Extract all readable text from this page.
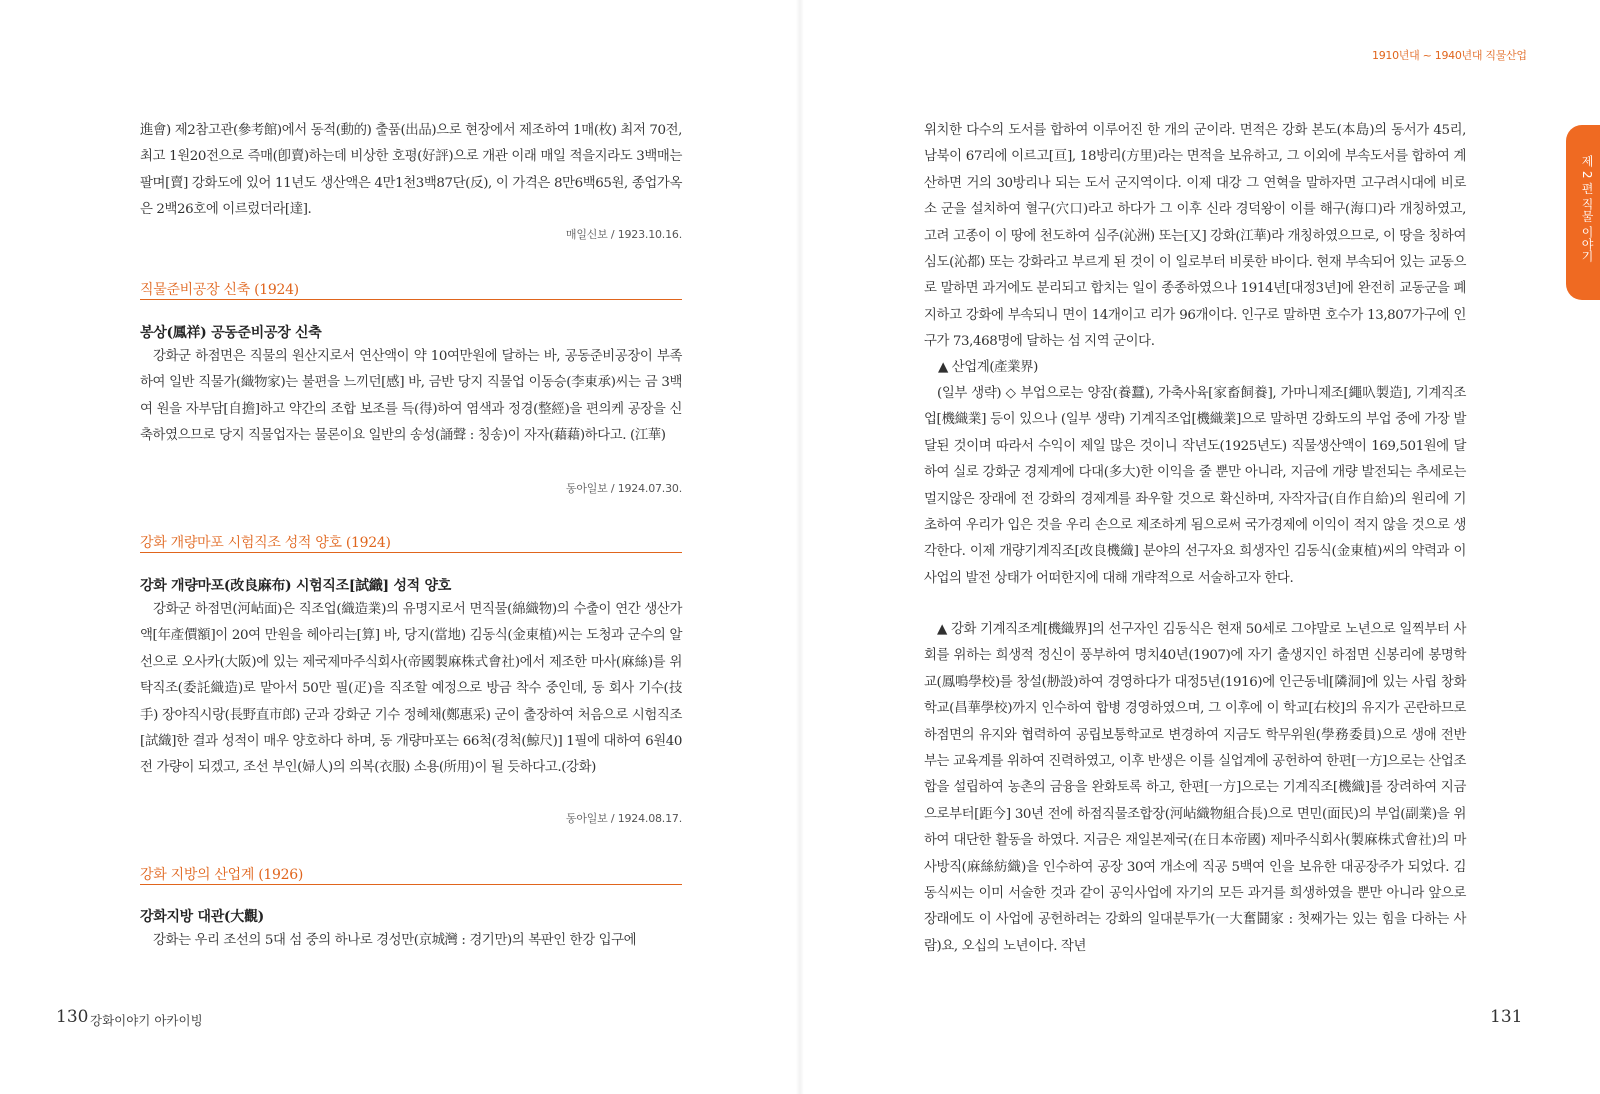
進會) 제2참고관(參考館)에서 동적(動的) 출품(出品)으로 현장에서 제조하여 1매(枚) 최저 70전, 최고 1원20전으로 즉매(卽賣)하는데 비상한 호평(好評)으로 개관 이래 매일 적을지라도 3백매는 팔며[賣] 강화도에 있어 11년도 생산액은 4만1천3백87단(反), 이 가격은 8만6백65원, 종업가옥은 2백26호에 이르렀더라[達].

매일신보 / 1923.10.16.
직물준비공장 신축 (1924)
봉상(鳳祥) 공동준비공장 신축

강화군 하점면은 직물의 원산지로서 연산액이 약 10여만원에 달하는 바, 공동준비공장이 부족하여 일반 직물가(織物家)는 불편을 느끼던[感] 바, 금반 당지 직물업 이동승(李東承)씨는 금 3백여 원을 자부담[自擔]하고 약간의 조합 보조를 득(得)하여 염색과 정경(整經)을 편의케 공장을 신축하였으므로 당지 직물업자는 물론이요 일반의 송성(誦聲 : 칭송)이 자자(藉藉)하다고. (江華)

동아일보 / 1924.07.30.
강화 개량마포 시험직조 성적 양호 (1924)
강화 개량마포(改良麻布) 시험직조[試織] 성적 양호

강화군 하점면(河岾面)은 직조업(織造業)의 유명지로서 면직물(綿織物)의 수출이 연간 생산가액[年產價額]이 20여 만원을 헤아리는[算] 바, 당지(當地) 김동식(金東植)씨는 도청과 군수의 알선으로 오사카(大阪)에 있는 제국제마주식회사(帝國製麻株式會社)에서 제조한 마사(麻絲)를 위탁직조(委託織造)로 맡아서 50만 필(疋)을 직조할 예정으로 방금 착수 중인데, 동 회사 기수(技手) 장야직시랑(長野直市郎) 군과 강화군 기수 정혜채(鄭惠采) 군이 출장하여 처음으로 시험직조[試織]한 결과 성적이 매우 양호하다 하며, 동 개량마포는 66척(경척(鯨尺)] 1필에 대하여 6원40전 가량이 되겠고, 조선 부인(婦人)의 의복(衣服) 소용(所用)이 될 듯하다고.(강화)

동아일보 / 1924.08.17.
강화 지방의 산업계 (1926)
강화지방 대관(大觀)

강화는 우리 조선의 5대 섬 중의 하나로 경성만(京城灣 : 경기만)의 복판인 한강 입구에

130 강화이야기 아카이빙
1910년대 ~ 1940년대 직물산업
제 2 편 직물 이야기

위치한 다수의 도서를 합하여 이루어진 한 개의 군이라. 면적은 강화 본도(本島)의 동서가 45리, 남북이 67리에 이르고[亘], 18방리(方里)라는 면적을 보유하고, 그 이외에 부속도서를 합하여 계산하면 거의 30방리나 되는 도서 군지역이다. 이제 대강 그 연혁을 말하자면 고구려시대에 비로소 군을 설치하여 혈구(穴口)라고 하다가 그 이후 신라 경덕왕이 이를 해구(海口)라 개칭하였고, 고려 고종이 이 땅에 천도하여 심주(沁洲) 또는[又] 강화(江華)라 개칭하였으므로, 이 땅을 칭하여 심도(沁都) 또는 강화라고 부르게 된 것이 이 일로부터 비롯한 바이다. 현재 부속되어 있는 교동으로 말하면 과거에도 분리되고 합치는 일이 종종하였으나 1914년[대정3년]에 완전히 교동군을 폐지하고 강화에 부속되니 면이 14개이고 리가 96개이다. 인구로 말하면 호수가 13,807가구에 인구가 73,468명에 달하는 섬 지역 군이다.

▲ 산업계(產業界)

(일부 생략) ◇ 부업으로는 양잠(養蠶), 가축사육[家畜飼養], 가마니제조[繩叺製造], 기계직조업[機織業] 등이 있으나 (일부 생략) 기계직조업[機織業]으로 말하면 강화도의 부업 중에 가장 발달된 것이며 따라서 수익이 제일 많은 것이니 작년도(1925년도) 직물생산액이 169,501원에 달하여 실로 강화군 경제계에 다대(多大)한 이익을 줄 뿐만 아니라, 지금에 개량 발전되는 추세로는 멀지않은 장래에 전 강화의 경제계를 좌우할 것으로 확신하며, 자작자급(自作自給)의 원리에 기초하여 우리가 입은 것을 우리 손으로 제조하게 됨으로써 국가경제에 이익이 적지 않을 것으로 생각한다. 이제 개량기계직조[改良機織] 분야의 선구자요 희생자인 김동식(金東植)씨의 약력과 이 사업의 발전 상태가 어떠한지에 대해 개략적으로 서술하고자 한다.

▲ 강화 기계직조계[機織界]의 선구자인 김동식은 현재 50세로 그야말로 노년으로 일찍부터 사회를 위하는 희생적 정신이 풍부하여 명치40년(1907)에 자기 출생지인 하점면 신봉리에 봉명학교(鳳鳴學校)를 창설(刱設)하여 경영하다가 대정5년(1916)에 인근동네[隣洞]에 있는 사립 창화학교(昌華學校)까지 인수하여 합병 경영하였으며, 그 이후에 이 학교[右校]의 유지가 곤란하므로 하점면의 유지와 협력하여 공립보통학교로 변경하여 지금도 학무위원(學務委員)으로 생애 전반부는 교육계를 위하여 진력하였고, 이후 반생은 이를 실업계에 공헌하여 한편[一方]으로는 산업조합을 설립하여 농촌의 금융을 완화토록 하고, 한편[一方]으로는 기계직조[機織]를 장려하여 지금으로부터[距今] 30년 전에 하점직물조합장(河岾織物組合長)으로 면민(面民)의 부업(副業)을 위하여 대단한 활동을 하였다. 지금은 재일본제국(在日本帝國) 제마주식회사(製麻株式會社)의 마사방직(麻絲紡織)을 인수하여 공장 30여 개소에 직공 5백여 인을 보유한 대공장주가 되었다. 김동식씨는 이미 서술한 것과 같이 공익사업에 자기의 모든 과거를 희생하였을 뿐만 아니라 앞으로 장래에도 이 사업에 공헌하려는 강화의 일대분투가(一大奮鬪家 : 첫째가는 있는 힘을 다하는 사람)요, 오십의 노년이다. 작년

131
